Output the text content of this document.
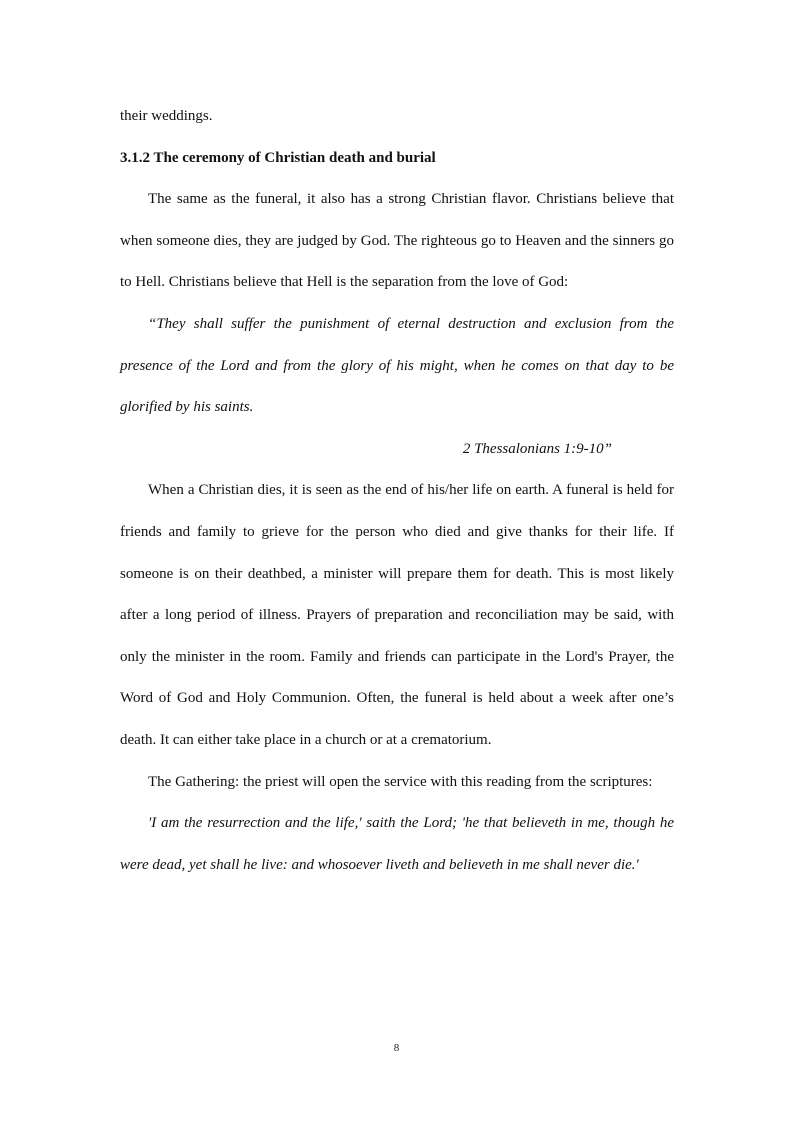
their weddings.

3.1.2 The ceremony of Christian death and burial

The same as the funeral, it also has a strong Christian flavor. Christians believe that when someone dies, they are judged by God. The righteous go to Heaven and the sinners go to Hell. Christians believe that Hell is the separation from the love of God:

“They shall suffer the punishment of eternal destruction and exclusion from the presence of the Lord and from the glory of his might, when he comes on that day to be glorified by his saints.

2 Thessalonians 1:9-10”

When a Christian dies, it is seen as the end of his/her life on earth. A funeral is held for friends and family to grieve for the person who died and give thanks for their life. If someone is on their deathbed, a minister will prepare them for death. This is most likely after a long period of illness. Prayers of preparation and reconciliation may be said, with only the minister in the room. Family and friends can participate in the Lord's Prayer, the Word of God and Holy Communion. Often, the funeral is held about a week after one’s death. It can either take place in a church or at a crematorium.

The Gathering: the priest will open the service with this reading from the scriptures:

'I am the resurrection and the life,' saith the Lord; 'he that believeth in me, though he were dead, yet shall he live: and whosoever liveth and believeth in me shall never die.'

8
